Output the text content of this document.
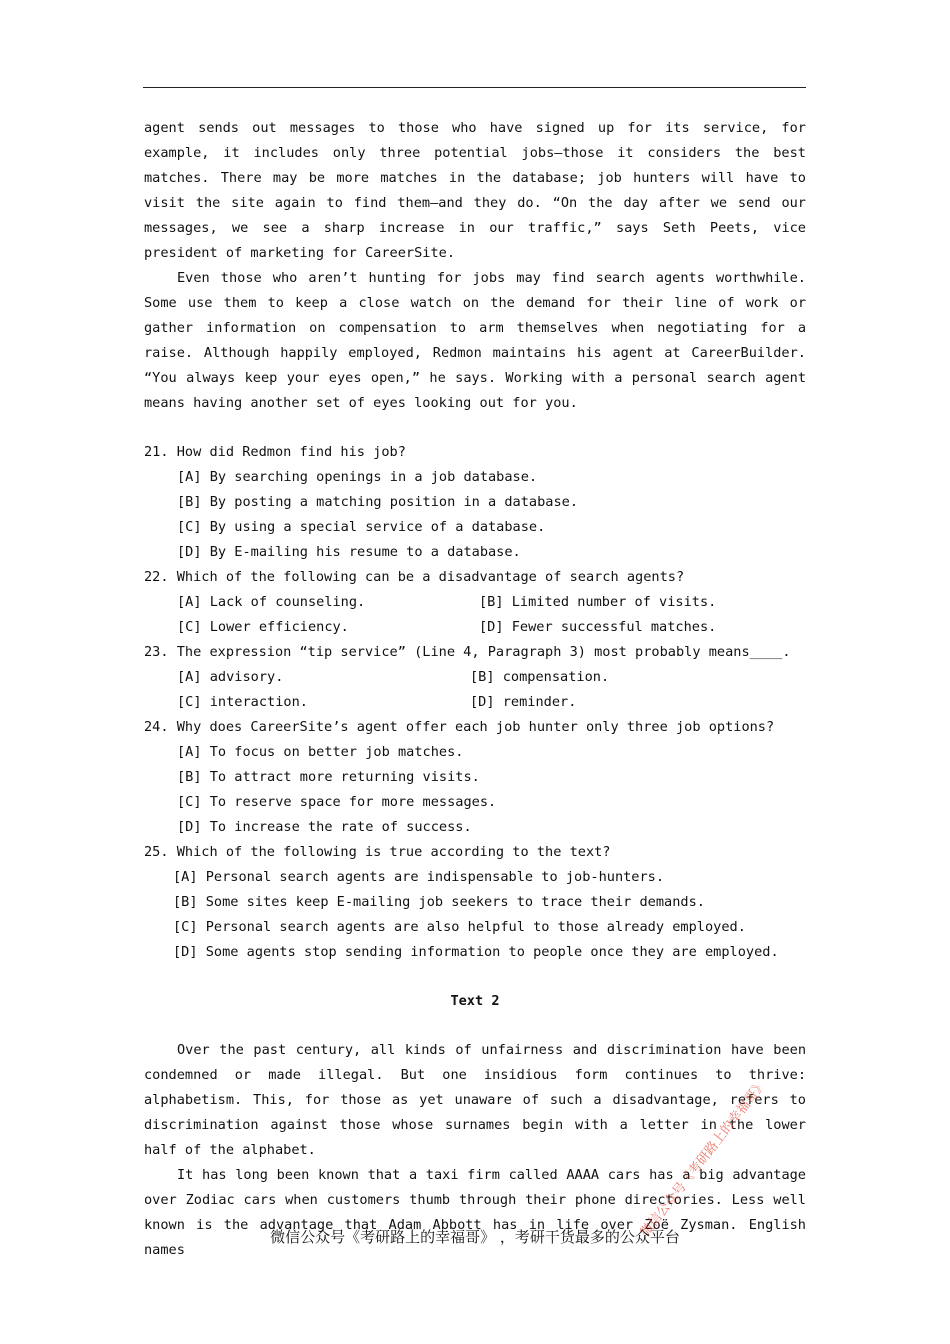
agent sends out messages to those who have signed up for its service, for example, it includes only three potential jobs—those it considers the best matches. There may be more matches in the database; job hunters will have to visit the site again to find them—and they do. “On the day after we send our messages, we see a sharp increase in our traffic,” says Seth Peets, vice president of marketing for CareerSite.

Even those who aren’t hunting for jobs may find search agents worthwhile. Some use them to keep a close watch on the demand for their line of work or gather information on compensation to arm themselves when negotiating for a raise. Although happily employed, Redmon maintains his agent at CareerBuilder. “You always keep your eyes open,” he says. Working with a personal search agent means having another set of eyes looking out for you.

21. How did Redmon find his job?

[A] By searching openings in a job database.

[B] By posting a matching position in a database.

[C] By using a special service of a database.

[D] By E-mailing his resume to a database.

22. Which of the following can be a disadvantage of search agents?

[A] Lack of counseling.	[B] Limited number of visits.
[C] Lower efficiency.	[D] Fewer successful matches.

23. The expression “tip service” (Line 4, Paragraph 3) most probably means____.

[A] advisory.	[B] compensation.
[C] interaction.	[D] reminder.

24. Why does CareerSite’s agent offer each job hunter only three job options?

[A] To focus on better job matches.

[B] To attract more returning visits.

[C] To reserve space for more messages.

[D] To increase the rate of success.

25. Which of the following is true according to the text?

[A] Personal search agents are indispensable to job-hunters.

[B] Some sites keep E-mailing job seekers to trace their demands.

[C] Personal search agents are also helpful to those already employed.

[D] Some agents stop sending information to people once they are employed.

Text 2

Over the past century, all kinds of unfairness and discrimination have been condemned or made illegal. But one insidious form continues to thrive: alphabetism. This, for those as yet unaware of such a disadvantage, refers to discrimination against those whose surnames begin with a letter in the lower half of the alphabet.

It has long been known that a taxi firm called AAAA cars has a big advantage over Zodiac cars when customers thumb through their phone directories. Less well known is the advantage that Adam Abbott has in life over Zoë Zysman. English names

微信公众号《考研路上的幸福哥》
微信公众号《考研路上的幸福哥》 ，考研干货最多的公众平台
